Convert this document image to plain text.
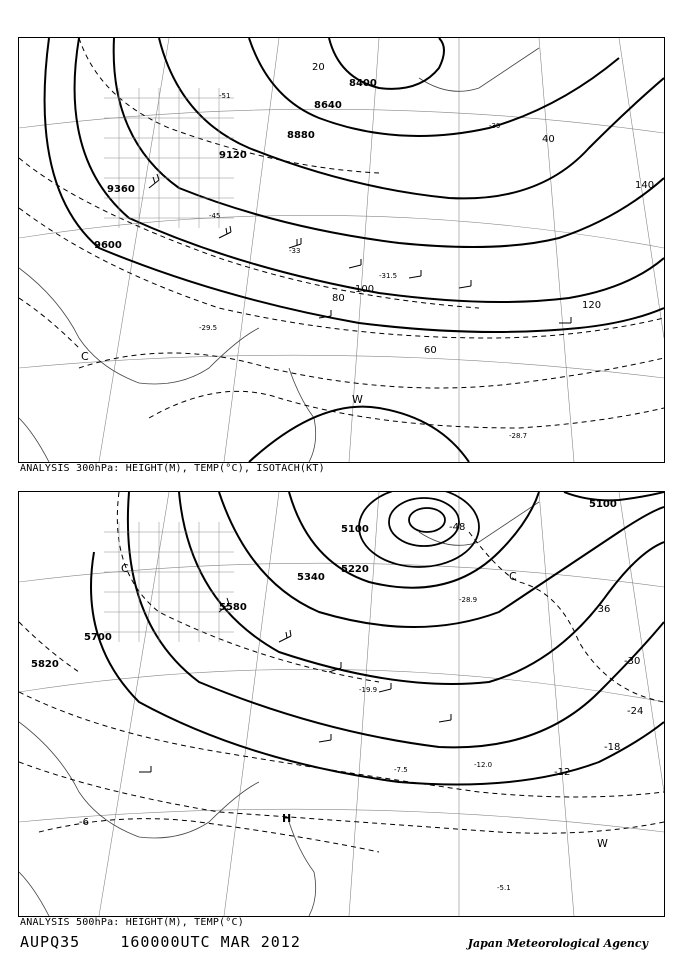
8400
8640
8880
9120
9360
9600
20
40
60
80
100
120
140
-51
-45
-33
-31.5
-29.5
-28.7
-39
W
C
ANALYSIS 300hPa: HEIGHT(M), TEMP(°C), ISOTACH(KT)
5100
5100
5220
5340
5580
5700
5820
-48
-36
-30
-24
-18
-12
-6
-19.9
-28.9
-12.0
-7.5
-5.1
C
C
W
H
ANALYSIS 500hPa: HEIGHT(M), TEMP(°C)
AUPQ35	160000UTC MAR 2012	Japan Meteorological Agency
